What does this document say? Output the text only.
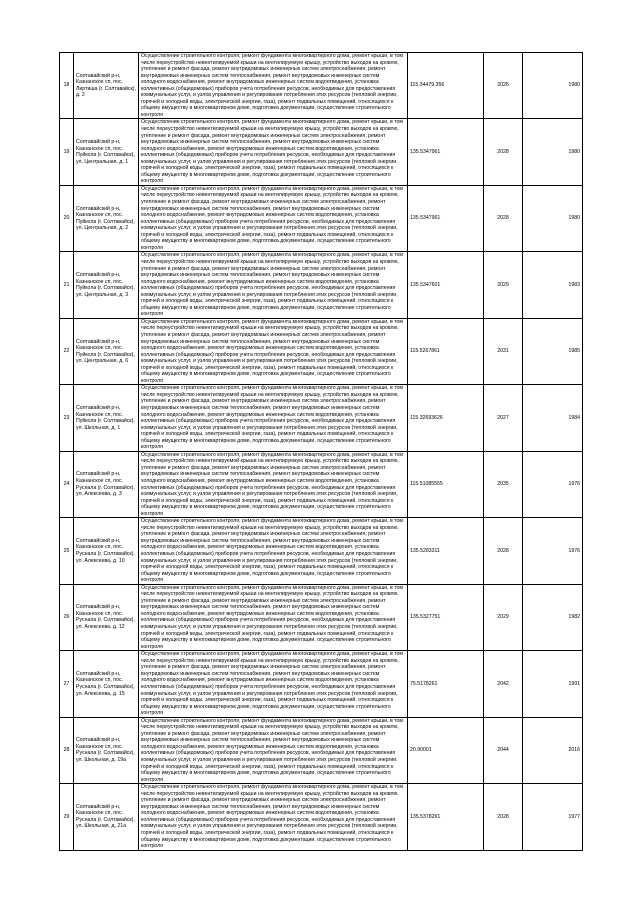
18	Солтавайский р-н, Казнанское сп, пос. Лиртиша (г. Солтавайск), д. 2	Осуществление строительного контроля, ремонт фундамента многоквартирного дома, ремонт крыши, в том числе переустройство невентилируемой крыши на вентилируемую крышу, устройство выходов на кровлю, утепление и ремонт фасада, ремонт внутридомовых инженерных систем электроснабжения, ремонт внутридомовых инженерных систем теплоснабжения, ремонт внутридомовых инженерных систем холодного водоснабжения, ремонт внутридомовых инженерных систем водоотведения, установка коллективных (общедомовых) приборов учета потребления ресурсов, необходимых для предоставления коммунальных услуг, и узлов управления и регулирования потребления этих ресурсов (тепловой энергии, горячей и холодной воды, электрической энергии, газа), ремонт подвальных помещений, относящихся к общему имуществу в многоквартирном доме, подготовка документации, осуществление строительного контроля	115.34479.356	2026	1980
19	Солтавайский р-н, Казнанское сп, пос. Пуйкола (г. Солтавайск), ул. Центральная, д. 1	Осуществление строительного контроля, ремонт фундамента многоквартирного дома, ремонт крыши, в том числе переустройство невентилируемой крыши на вентилируемую крышу, устройство выходов на кровлю, утепление и ремонт фасада, ремонт внутридомовых инженерных систем электроснабжения, ремонт внутридомовых инженерных систем теплоснабжения, ремонт внутридомовых инженерных систем холодного водоснабжения, ремонт внутридомовых инженерных систем водоотведения, установка коллективных (общедомовых) приборов учета потребления ресурсов, необходимых для предоставления коммунальных услуг, и узлов управления и регулирования потребления этих ресурсов (тепловой энергии, горячей и холодной воды, электрической энергии, газа), ремонт подвальных помещений, относящихся к общему имуществу в многоквартирном доме, подготовка документации, осуществление строительного контроля	135.5347961	2028	1980
20	Солтавайский р-н, Казнанское сп, пос. Пуйкола (г. Солтавайск), ул. Центральная, д. 2	Осуществление строительного контроля, ремонт фундамента многоквартирного дома, ремонт крыши, в том числе переустройство невентилируемой крыши на вентилируемую крышу, устройство выходов на кровлю, утепление и ремонт фасада, ремонт внутридомовых инженерных систем электроснабжения, ремонт внутридомовых инженерных систем теплоснабжения, ремонт внутридомовых инженерных систем холодного водоснабжения, ремонт внутридомовых инженерных систем водоотведения, установка коллективных (общедомовых) приборов учета потребления ресурсов, необходимых для предоставления коммунальных услуг, и узлов управления и регулирования потребления этих ресурсов (тепловой энергии, горячей и холодной воды, электрической энергии, газа), ремонт подвальных помещений, относящихся к общему имуществу в многоквартирном доме, подготовка документации, осуществление строительного контроля	135.5347961	2028	1980
21	Солтавайский р-н, Казнанское сп, пос. Пуйкола (г. Солтавайск), ул. Центральная, д. 3	Осуществление строительного контроля, ремонт фундамента многоквартирного дома, ремонт крыши, в том числе переустройство невентилируемой крыши на вентилируемую крышу, устройство выходов на кровлю, утепление и ремонт фасада, ремонт внутридомовых инженерных систем электроснабжения, ремонт внутридомовых инженерных систем теплоснабжения, ремонт внутридомовых инженерных систем холодного водоснабжения, ремонт внутридомовых инженерных систем водоотведения, установка коллективных (общедомовых) приборов учета потребления ресурсов, необходимых для предоставления коммунальных услуг, и узлов управления и регулирования потребления этих ресурсов (тепловой энергии, горячей и холодной воды, электрической энергии, газа), ремонт подвальных помещений, относящихся к общему имуществу в многоквартирном доме, подготовка документации, осуществление строительного контроля	135.5347601	2029	1983
22	Солтавайский р-н, Казнанское сп, пос. Пуйкола (г. Солтавайск), ул. Центральная, д. 6	Осуществление строительного контроля, ремонт фундамента многоквартирного дома, ремонт крыши, в том числе переустройство невентилируемой крыши на вентилируемую крышу, устройство выходов на кровлю, утепление и ремонт фасада, ремонт внутридомовых инженерных систем электроснабжения, ремонт внутридомовых инженерных систем теплоснабжения, ремонт внутридомовых инженерных систем холодного водоснабжения, ремонт внутридомовых инженерных систем водоотведения, установка коллективных (общедомовых) приборов учета потребления ресурсов, необходимых для предоставления коммунальных услуг, и узлов управления и регулирования потребления этих ресурсов (тепловой энергии, горячей и холодной воды, электрической энергии, газа), ремонт подвальных помещений, относящихся к общему имуществу в многоквартирном доме, подготовка документации, осуществление строительного контроля	115.5267861	2031	1985
23	Солтавайский р-н, Казнанское сп, пос. Пуйкола (г. Солтавайск), ул. Школьная, д. 1	Осуществление строительного контроля, ремонт фундамента многоквартирного дома, ремонт крыши, в том числе переустройство невентилируемой крыши на вентилируемую крышу, устройство выходов на кровлю, утепление и ремонт фасада, ремонт внутридомовых инженерных систем электроснабжения, ремонт внутридомовых инженерных систем теплоснабжения, ремонт внутридомовых инженерных систем холодного водоснабжения, ремонт внутридомовых инженерных систем водоотведения, установка коллективных (общедомовых) приборов учета потребления ресурсов, необходимых для предоставления коммунальных услуг, и узлов управления и регулирования потребления этих ресурсов (тепловой энергии, горячей и холодной воды, электрической энергии, газа), ремонт подвальных помещений, относящихся к общему имуществу в многоквартирном доме, подготовка документации, осуществление строительного контроля	115.32693626	2027	1984
24	Солтавайский р-н, Казнанское сп, пос. Руснала (г. Солтавайск), ул. Алексеева, д. 3	Осуществление строительного контроля, ремонт фундамента многоквартирного дома, ремонт крыши, в том числе переустройство невентилируемой крыши на вентилируемую крышу, устройство выходов на кровлю, утепление и ремонт фасада, ремонт внутридомовых инженерных систем электроснабжения, ремонт внутридомовых инженерных систем теплоснабжения, ремонт внутридомовых инженерных систем холодного водоснабжения, ремонт внутридомовых инженерных систем водоотведения, установка коллективных (общедомовых) приборов учета потребления ресурсов, необходимых для предоставления коммунальных услуг, и узлов управления и регулирования потребления этих ресурсов (тепловой энергии, горячей и холодной воды, электрической энергии, газа), ремонт подвальных помещений, относящихся к общему имуществу в многоквартирном доме, подготовка документации, осуществление строительного контроля	115.51085555	2035	1976
25	Солтавайский р-н, Казнанское сп, пос. Руснала (г. Солтавайск), ул. Алексеева, д. 10	Осуществление строительного контроля, ремонт фундамента многоквартирного дома, ремонт крыши, в том числе переустройство невентилируемой крыши на вентилируемую крышу, устройство выходов на кровлю, утепление и ремонт фасада, ремонт внутридомовых инженерных систем электроснабжения, ремонт внутридомовых инженерных систем теплоснабжения, ремонт внутридомовых инженерных систем холодного водоснабжения, ремонт внутридомовых инженерных систем водоотведения, установка коллективных (общедомовых) приборов учета потребления ресурсов, необходимых для предоставления коммунальных услуг, и узлов управления и регулирования потребления этих ресурсов (тепловой энергии, горячей и холодной воды, электрической энергии, газа), ремонт подвальных помещений, относящихся к общему имуществу в многоквартирном доме, подготовка документации, осуществление строительного контроля	135.5283311	2028	1976
26	Солтавайский р-н, Казнанское сп, пос. Руснала (г. Солтавайск), ул. Алексеева, д. 12	Осуществление строительного контроля, ремонт фундамента многоквартирного дома, ремонт крыши, в том числе переустройство невентилируемой крыши на вентилируемую крышу, устройство выходов на кровлю, утепление и ремонт фасада, ремонт внутридомовых инженерных систем электроснабжения, ремонт внутридомовых инженерных систем теплоснабжения, ремонт внутридомовых инженерных систем холодного водоснабжения, ремонт внутридомовых инженерных систем водоотведения, установка коллективных (общедомовых) приборов учета потребления ресурсов, необходимых для предоставления коммунальных услуг, и узлов управления и регулирования потребления этих ресурсов (тепловой энергии, горячей и холодной воды, электрической энергии, газа), ремонт подвальных помещений, относящихся к общему имуществу в многоквартирном доме, подготовка документации, осуществление строительного контроля	135.5327751	2029	1982
27	Солтавайский р-н, Казнанское сп, пос. Руснала (г. Солтавайск), ул. Алексеева, д. 15	Осуществление строительного контроля, ремонт фундамента многоквартирного дома, ремонт крыши, в том числе переустройство невентилируемой крыши на вентилируемую крышу, устройство выходов на кровлю, утепление и ремонт фасада, ремонт внутридомовых инженерных систем электроснабжения, ремонт внутридомовых инженерных систем теплоснабжения, ремонт внутридомовых инженерных систем холодного водоснабжения, ремонт внутридомовых инженерных систем водоотведения, установка коллективных (общедомовых) приборов учета потребления ресурсов, необходимых для предоставления коммунальных услуг, и узлов управления и регулирования потребления этих ресурсов (тепловой энергии, горячей и холодной воды, электрической энергии, газа), ремонт подвальных помещений, относящихся к общему имуществу в многоквартирном доме, подготовка документации, осуществление строительного контроля	75.5178261	2042	1991
28	Солтавайский р-н, Казнанское сп, пос. Руснала (г. Солтавайск), ул. Школьная, д. 19а	Осуществление строительного контроля, ремонт фундамента многоквартирного дома, ремонт крыши, в том числе переустройство невентилируемой крыши на вентилируемую крышу, устройство выходов на кровлю, утепление и ремонт фасада, ремонт внутридомовых инженерных систем электроснабжения, ремонт внутридомовых инженерных систем теплоснабжения, ремонт внутридомовых инженерных систем холодного водоснабжения, ремонт внутридомовых инженерных систем водоотведения, установка коллективных (общедомовых) приборов учета потребления ресурсов, необходимых для предоставления коммунальных услуг, и узлов управления и регулирования потребления этих ресурсов (тепловой энергии, горячей и холодной воды, электрической энергии, газа), ремонт подвальных помещений, относящихся к общему имуществу в многоквартирном доме, подготовка документации, осуществление строительного контроля	20.90001	2044	2016
29	Солтавайский р-н, Казнанское сп, пос. Руснала (г. Солтавайск), ул. Школьная, д. 21а	Осуществление строительного контроля, ремонт фундамента многоквартирного дома, ремонт крыши, в том числе переустройство невентилируемой крыши на вентилируемую крышу, устройство выходов на кровлю, утепление и ремонт фасада, ремонт внутридомовых инженерных систем электроснабжения, ремонт внутридомовых инженерных систем теплоснабжения, ремонт внутридомовых инженерных систем холодного водоснабжения, ремонт внутридомовых инженерных систем водоотведения, установка коллективных (общедомовых) приборов учета потребления ресурсов, необходимых для предоставления коммунальных услуг, и узлов управления и регулирования потребления этих ресурсов (тепловой энергии, горячей и холодной воды, электрической энергии, газа), ремонт подвальных помещений, относящихся к общему имуществу в многоквартирном доме, подготовка документации, осуществление строительного контроля	135.5378261	2028	1977
